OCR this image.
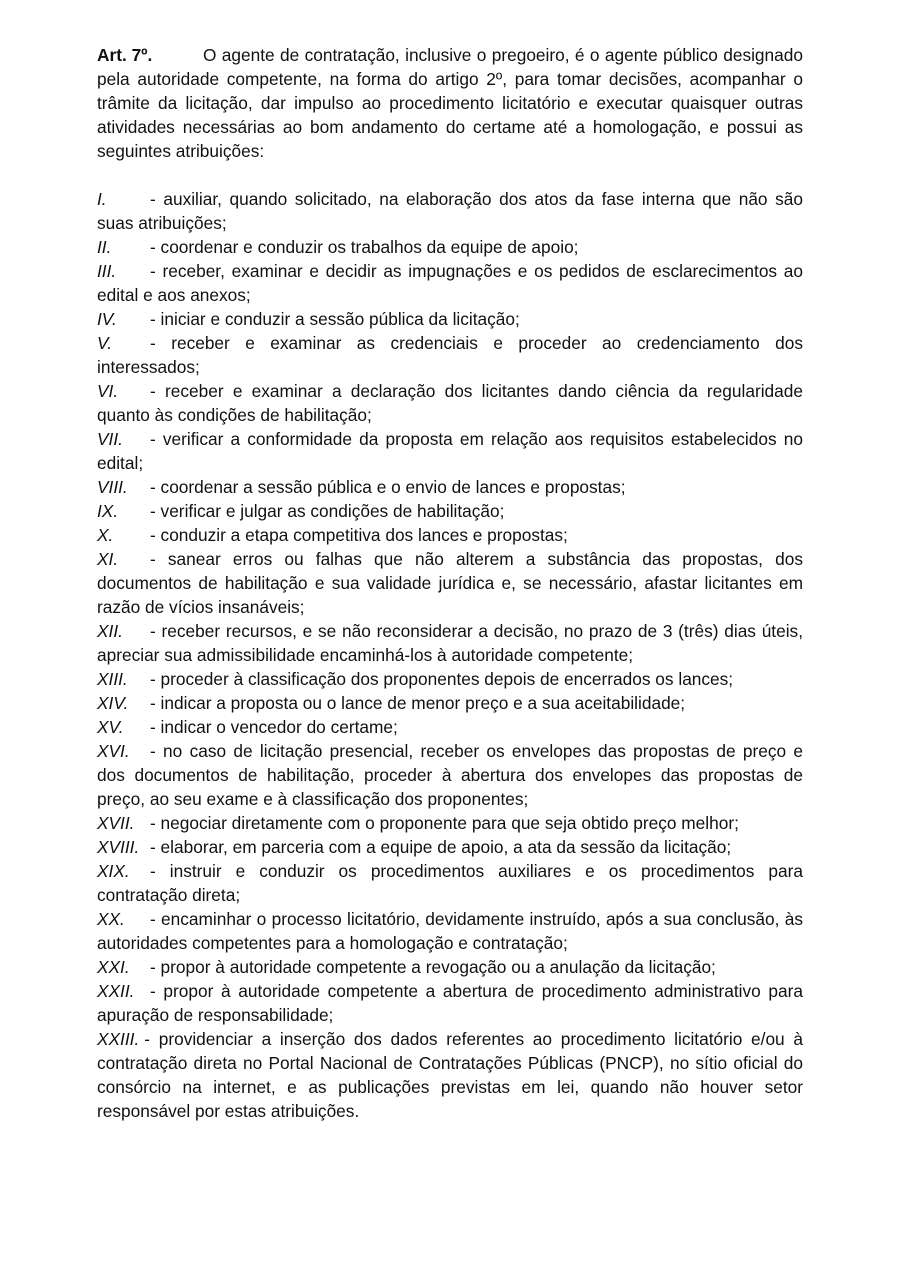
Art. 7º.	O agente de contratação, inclusive o pregoeiro, é o agente público designado pela autoridade competente, na forma do artigo 2º, para tomar decisões, acompanhar o trâmite da licitação, dar impulso ao procedimento licitatório e executar quaisquer outras atividades necessárias ao bom andamento do certame até a homologação, e possui as seguintes atribuições:

I.	- auxiliar, quando solicitado, na elaboração dos atos da fase interna que não são suas atribuições;

II. - coordenar e conduzir os trabalhos da equipe de apoio;

III. - receber, examinar e decidir as impugnações e os pedidos de esclarecimentos ao edital e aos anexos;

IV. - iniciar e conduzir a sessão pública da licitação;

V. - receber e examinar as credenciais e proceder ao credenciamento dos interessados;

VI. - receber e examinar a declaração dos licitantes dando ciência da regularidade quanto às condições de habilitação;

VII. - verificar a conformidade da proposta em relação aos requisitos estabelecidos no edital;

VIII. - coordenar a sessão pública e o envio de lances e propostas;

IX. - verificar e julgar as condições de habilitação;

X. - conduzir a etapa competitiva dos lances e propostas;

XI. - sanear erros ou falhas que não alterem a substância das propostas, dos documentos de habilitação e sua validade jurídica e, se necessário, afastar licitantes em razão de vícios insanáveis;

XII. - receber recursos, e se não reconsiderar a decisão, no prazo de 3 (três) dias úteis, apreciar sua admissibilidade encaminhá-los à autoridade competente;

XIII. - proceder à classificação dos proponentes depois de encerrados os lances;

XIV. - indicar a proposta ou o lance de menor preço e a sua aceitabilidade;

XV. - indicar o vencedor do certame;

XVI. - no caso de licitação presencial, receber os envelopes das propostas de preço e dos documentos de habilitação, proceder à abertura dos envelopes das propostas de preço, ao seu exame e à classificação dos proponentes;

XVII. - negociar diretamente com o proponente para que seja obtido preço melhor;

XVIII. - elaborar, em parceria com a equipe de apoio, a ata da sessão da licitação;

XIX. - instruir e conduzir os procedimentos auxiliares e os procedimentos para contratação direta;

XX. - encaminhar o processo licitatório, devidamente instruído, após a sua conclusão, às autoridades competentes para a homologação e contratação;

XXI. - propor à autoridade competente a revogação ou a anulação da licitação;

XXII. - propor à autoridade competente a abertura de procedimento administrativo para apuração de responsabilidade;

XXIII. - providenciar a inserção dos dados referentes ao procedimento licitatório e/ou à contratação direta no Portal Nacional de Contratações Públicas (PNCP), no sítio oficial do consórcio na internet, e as publicações previstas em lei, quando não houver setor responsável por estas atribuições.
